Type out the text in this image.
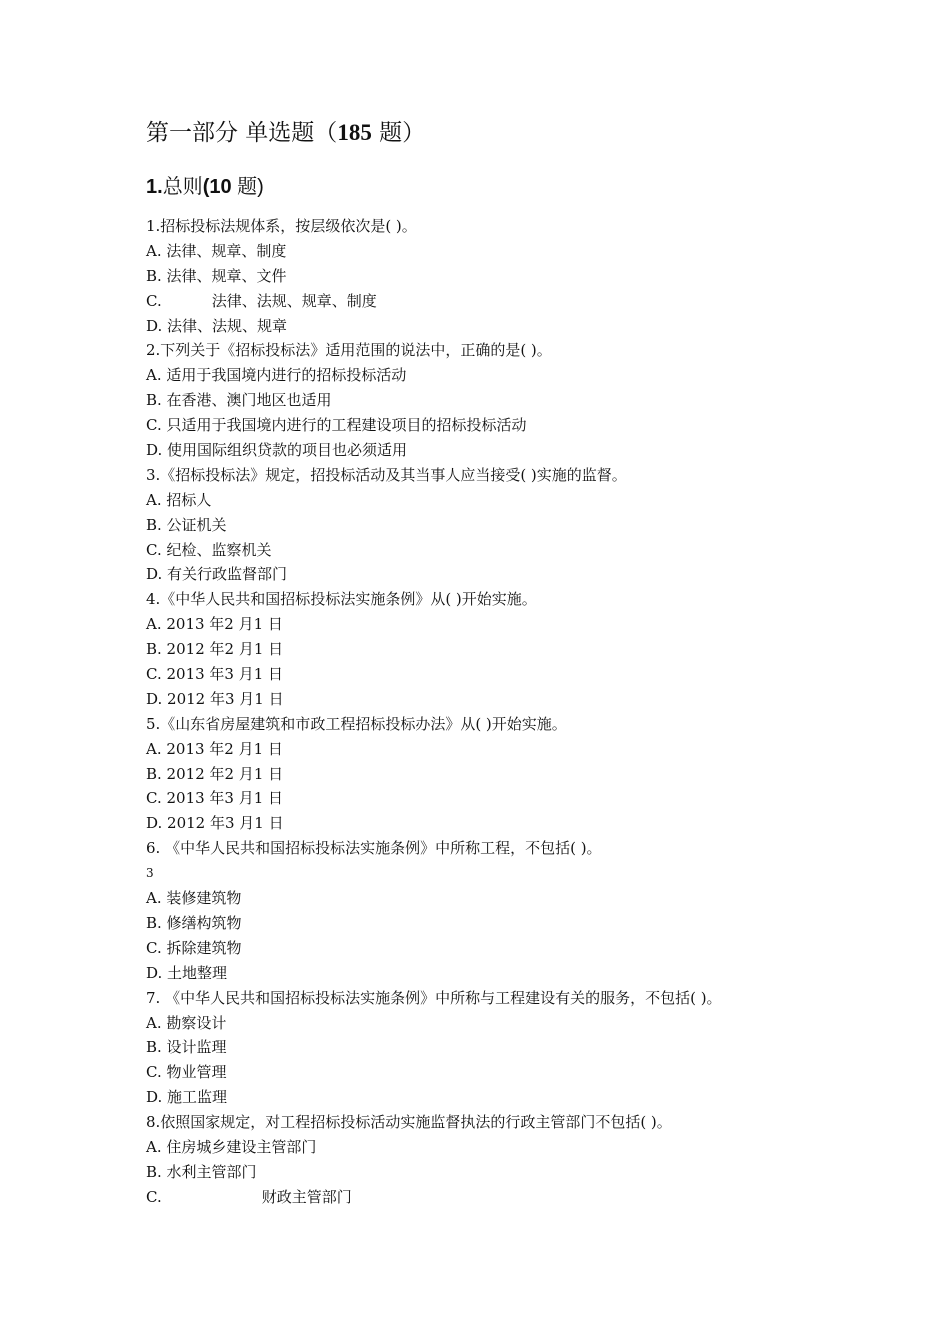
第一部分 单选题（185 题）
1.总则(10 题)
1.招标投标法规体系，按层级依次是( )。
A. 法律、规章、制度
B. 法律、规章、文件
C.	法律、法规、规章、制度
D. 法律、法规、规章
2.下列关于《招标投标法》适用范围的说法中，正确的是( )。
A. 适用于我国境内进行的招标投标活动
B. 在香港、澳门地区也适用
C. 只适用于我国境内进行的工程建设项目的招标投标活动
D. 使用国际组织贷款的项目也必须适用
3.《招标投标法》规定，招投标活动及其当事人应当接受( )实施的监督。
A. 招标人
B. 公证机关
C. 纪检、监察机关
D. 有关行政监督部门
4.《中华人民共和国招标投标法实施条例》从( )开始实施。
A. 2013 年2 月1 日
B. 2012 年2 月1 日
C. 2013 年3 月1 日
D. 2012 年3 月1 日
5.《山东省房屋建筑和市政工程招标投标办法》从( )开始实施。
A. 2013 年2 月1 日
B. 2012 年2 月1 日
C. 2013 年3 月1 日
D. 2012 年3 月1 日
6. 《中华人民共和国招标投标法实施条例》中所称工程，不包括( )。
3
A. 装修建筑物
B. 修缮构筑物
C. 拆除建筑物
D. 土地整理
7. 《中华人民共和国招标投标法实施条例》中所称与工程建设有关的服务，不包括( )。
A. 勘察设计
B. 设计监理
C. 物业管理
D. 施工监理
8.依照国家规定，对工程招标投标活动实施监督执法的行政主管部门不包括( )。
A. 住房城乡建设主管部门
B. 水利主管部门
C.	财政主管部门
